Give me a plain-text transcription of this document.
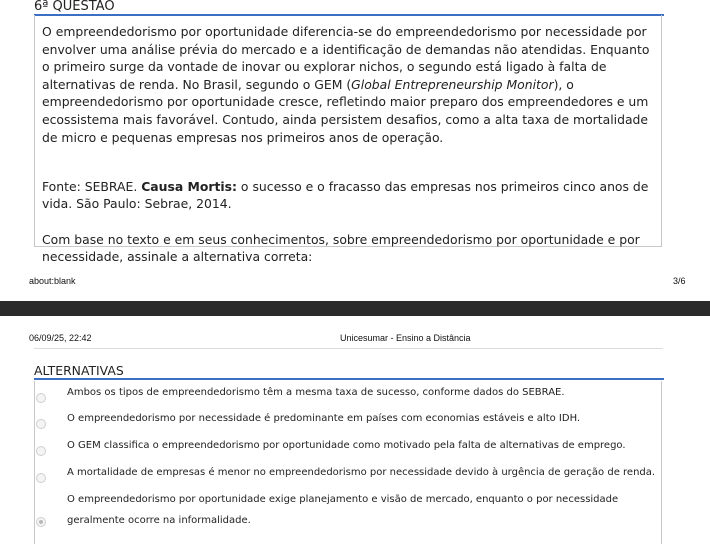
6ª QUESTÃO

O empreendedorismo por oportunidade diferencia-se do empreendedorismo por necessidade por envolver uma análise prévia do mercado e a identificação de demandas não atendidas. Enquanto o primeiro surge da vontade de inovar ou explorar nichos, o segundo está ligado à falta de alternativas de renda. No Brasil, segundo o GEM (Global Entrepreneurship Monitor), o empreendedorismo por oportunidade cresce, refletindo maior preparo dos empreendedores e um ecossistema mais favorável. Contudo, ainda persistem desafios, como a alta taxa de mortalidade de micro e pequenas empresas nos primeiros anos de operação.

Fonte: SEBRAE. Causa Mortis: o sucesso e o fracasso das empresas nos primeiros cinco anos de vida. São Paulo: Sebrae, 2014.

Com base no texto e em seus conhecimentos, sobre empreendedorismo por oportunidade e por necessidade, assinale a alternativa correta:

about:blank	3/6
06/09/25, 22:42	Unicesumar - Ensino a Distância
ALTERNATIVAS
Ambos os tipos de empreendedorismo têm a mesma taxa de sucesso, conforme dados do SEBRAE.
O empreendedorismo por necessidade é predominante em países com economias estáveis e alto IDH.
O GEM classifica o empreendedorismo por oportunidade como motivado pela falta de alternativas de emprego.
A mortalidade de empresas é menor no empreendedorismo por necessidade devido à urgência de geração de renda.
O empreendedorismo por oportunidade exige planejamento e visão de mercado, enquanto o por necessidade geralmente ocorre na informalidade.
